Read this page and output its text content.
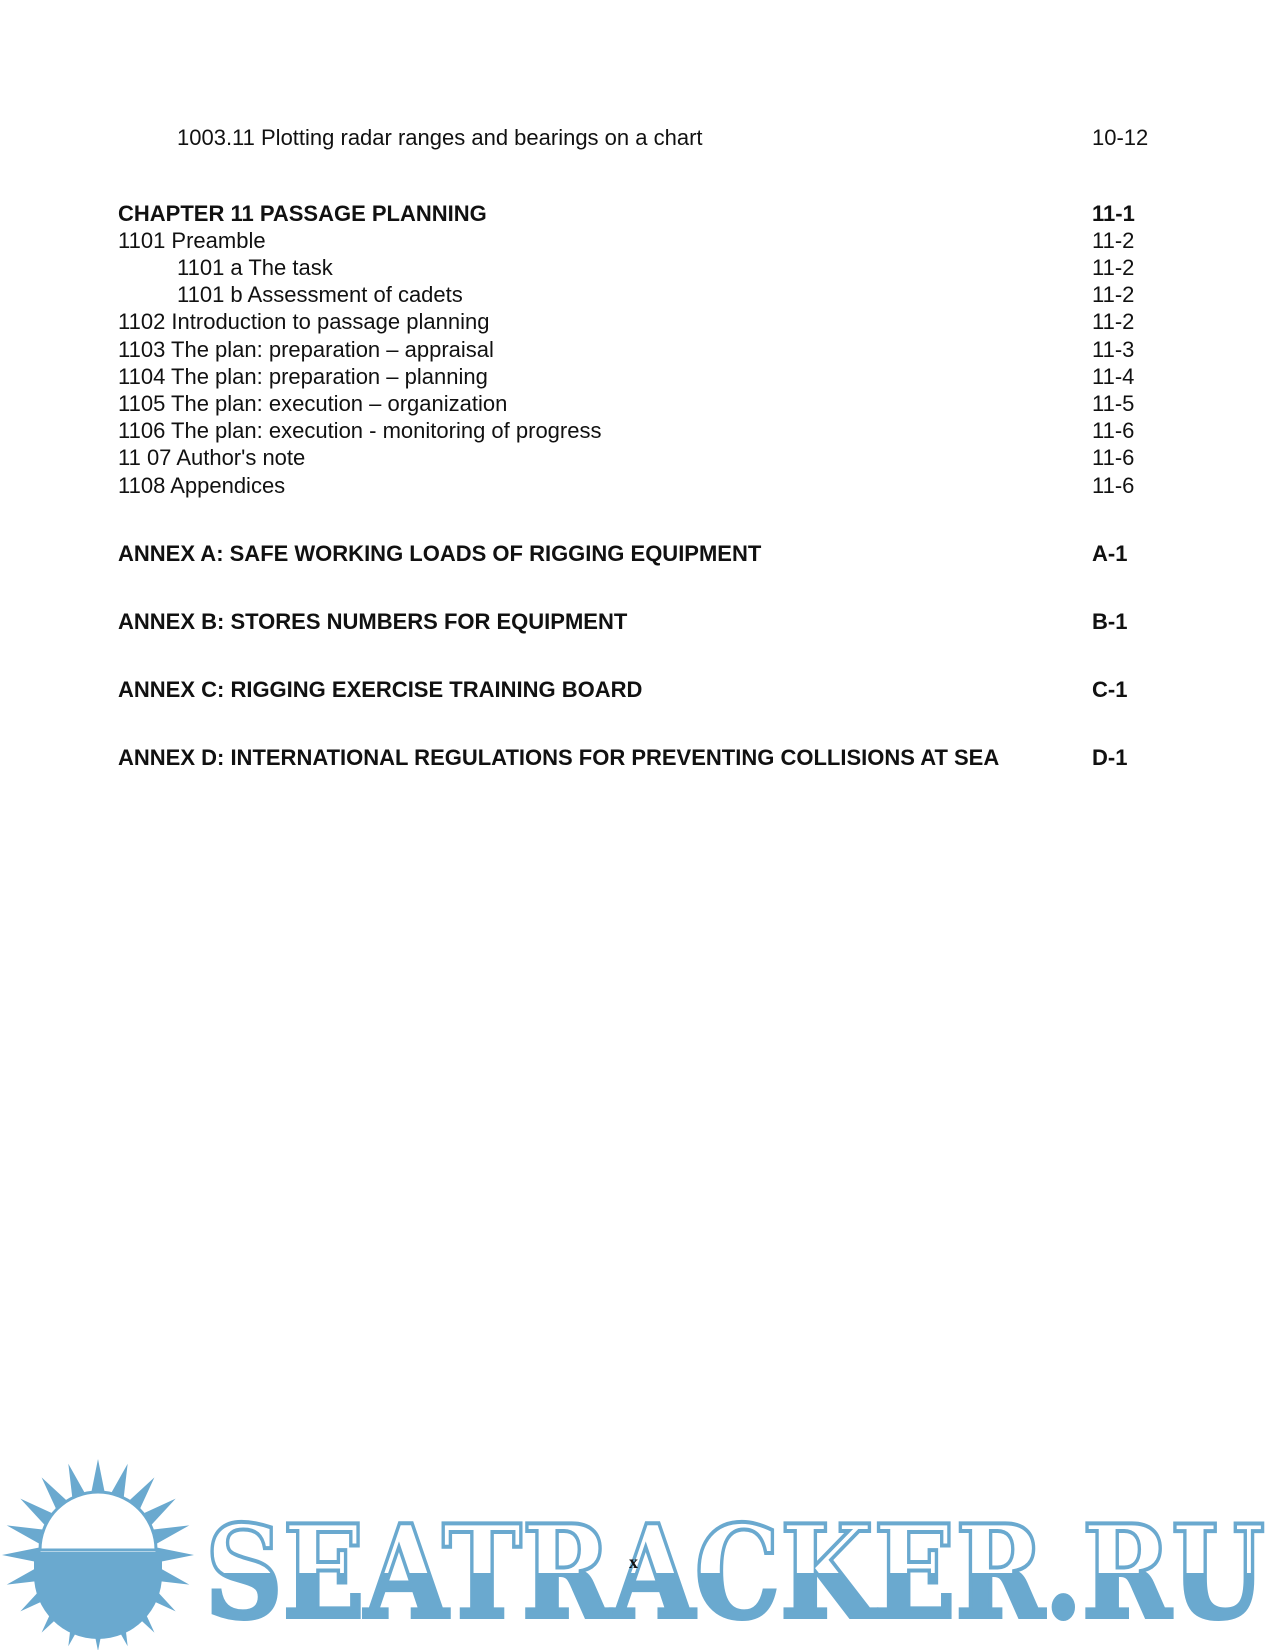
1003.11 Plotting radar ranges and bearings on a chart	10-12
CHAPTER 11 PASSAGE PLANNING	11-1
1101 Preamble	11-2
1101 a The task	11-2
1101 b Assessment of cadets	11-2
1102 Introduction to passage planning	11-2
1103 The plan: preparation – appraisal	11-3
1104 The plan: preparation – planning	11-4
1105 The plan: execution – organization	11-5
1106 The plan: execution - monitoring of progress	11-6
11 07 Author's note	11-6
1108 Appendices	11-6
ANNEX A: SAFE WORKING LOADS OF RIGGING EQUIPMENT	A-1
ANNEX B: STORES NUMBERS FOR EQUIPMENT	B-1
ANNEX C: RIGGING EXERCISE TRAINING BOARD	C-1
ANNEX D: INTERNATIONAL REGULATIONS FOR PREVENTING COLLISIONS AT SEA	D-1
SEATRACKER.RU
x
